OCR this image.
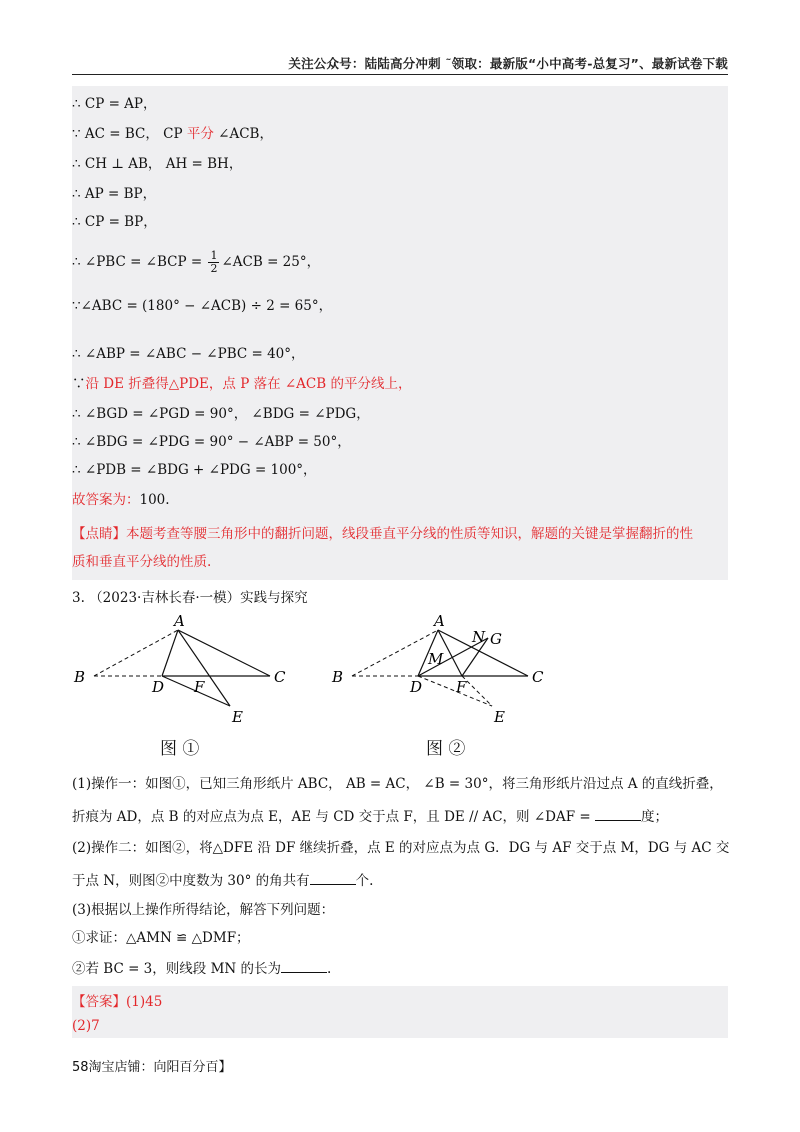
关注公众号：陆陆高分冲刺 ˜领取：最新版“小中高考-总复习”、最新试卷下载
∴ CP = AP，
∵ AC = BC， CP 平分 ∠ACB，
∴ CH ⊥ AB， AH = BH，
∴ AP = BP，
∴ CP = BP，
∴ ∠PBC = ∠BCP = $\frac{1}{2}$ ∠ACB = 25°，
∵∠ABC = (180° − ∠ACB) ÷ 2 = 65°，
∴ ∠ABP = ∠ABC − ∠PBC = 40°，
∵沿 DE 折叠得△PDE，点 P 落在 ∠ACB 的平分线上，
∴ ∠BGD = ∠PGD = 90°， ∠BDG = ∠PDG，
∴ ∠BDG = ∠PDG = 90° − ∠ABP = 50°，
∴ ∠PDB = ∠BDG + ∠PDG = 100°，
故答案为：100.
【点睛】本题考查等腰三角形中的翻折问题，线段垂直平分线的性质等知识，解题的关键是掌握翻折的性
质和垂直平分线的性质.
3. （2023·吉林长春·一模）实践与探究
A
B	C
D F
E
图 ①
A
B	C
D F
E
N G
M
图 ②
(1)操作一：如图①，已知三角形纸片 ABC， AB = AC， ∠B = 30°，将三角形纸片沿过点 A 的直线折叠，
折痕为 AD，点 B 的对应点为点 E，AE 与 CD 交于点 F，且 DE // AC，则 ∠DAF =	度；
(2)操作二：如图②，将△DFE 沿 DF 继续折叠，点 E 的对应点为点 G．DG 与 AF 交于点 M，DG 与 AC 交
于点 N，则图②中度数为 30° 的角共有	个.
(3)根据以上操作所得结论，解答下列问题：
①求证：△AMN ≌ △DMF；
②若 BC = 3，则线段 MN 的长为	.
【答案】(1)45
(2)7
58淘宝店铺：向阳百分百】
